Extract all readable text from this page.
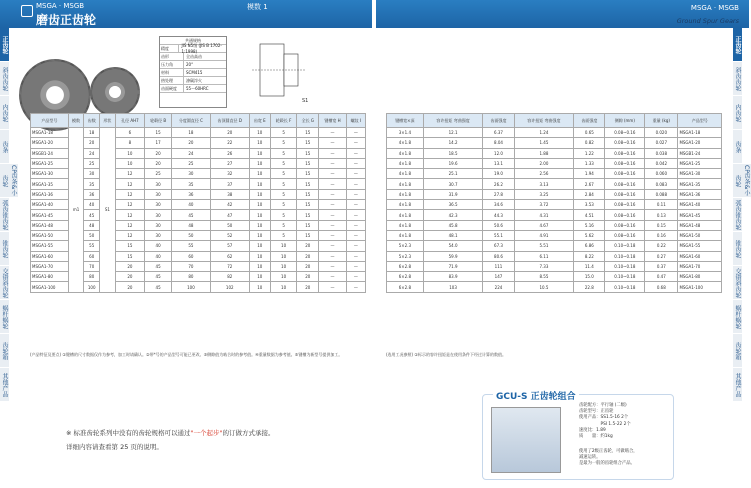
MSGA · MSGB
磨齿正齿轮
模数 1	MSGA · MSGB
Ground Spur Gears
正齿轮
斜齿齿轮
内齿轮
齿条
CP齿条&小齿轮
弧齿锥齿轮
锥齿轮
交错斜齿轮
蜗杆蜗轮
齿轮箱
其他产品
正齿轮
斜齿齿轮
内齿轮
齿条
CP齿条&小齿轮
弧齿锥齿轮
锥齿轮
交错斜齿轮
蜗杆蜗轮
齿轮箱
其他产品
共通规格
精度
JIS N5级 (JIS B 1702-1:1998)
齿形	全齿高齿
压力角	20°
材料	SCM415
热处理	渗碳淬火
齿面硬度	55～60HRC
S1
产品型号	模数	齿数	形状	孔径 AH7	轮毂径 B	分度圆直径 C	齿顶圆直径 D	齿宽 E	轮毂长 F	全长 G	键槽宽 H	螺纹 I
MSGA1-18	m1	18	S1	6	15	18	20	10	5	15	—	—
MSGA1-20		20		8	17	20	22	10	5	15	—	—
MSGB1-24		24		10	20	24	26	10	5	15	—	—
MSGA1-25		25		10	20	25	27	10	5	15	—	—
MSGA1-30		30		12	25	30	32	10	5	15	—	—
MSGA1-35		35		12	30	35	37	10	5	15	—	—
MSGA1-36		36		12	30	36	38	10	5	15	—	—
MSGA1-40		40		12	30	40	42	10	5	15	—	—
MSGA1-45		45		12	30	45	47	10	5	15	—	—
MSGA1-48		48		12	30	48	50	10	5	15	—	—
MSGA1-50		50		12	30	50	52	10	5	15	—	—
MSGA1-55		55		15	40	55	57	10	10	20	—	—
MSGA1-60		60		15	40	60	62	10	10	20	—	—
MSGA1-70		70		20	45	70	72	10	10	20	—	—
MSGA1-80		80		20	45	80	82	10	10	20	—	—
MSGA1-100		100		20	45	100	102	10	10	20	—	—
键槽宽×深	容许扭矩 弯曲强度	齿面强度	容许扭矩 弯曲强度	齿面强度	侧隙 (mm)	重量 (kg)	产品型号
3×1.4	12.1	6.37	1.24	0.65	0.08~0.16	0.020	MSGA1-18
4×1.8	14.2	8.04	1.45	0.82	0.08~0.16	0.027	MSGA1-20
4×1.8	18.5	12.0	1.88	1.22	0.08~0.16	0.038	MSGB1-24
4×1.8	19.6	13.1	2.00	1.33	0.08~0.16	0.042	MSGA1-25
4×1.8	25.1	19.0	2.56	1.94	0.08~0.16	0.060	MSGA1-30
4×1.8	30.7	26.2	3.13	2.67	0.08~0.16	0.083	MSGA1-35
4×1.8	31.9	27.8	3.25	2.84	0.08~0.16	0.088	MSGA1-36
4×1.8	36.5	34.6	3.72	3.53	0.08~0.16	0.11	MSGA1-40
4×1.8	42.3	44.3	4.31	4.51	0.08~0.16	0.13	MSGA1-45
4×1.8	45.8	50.6	4.67	5.16	0.08~0.16	0.15	MSGA1-48
4×1.8	48.1	55.1	4.91	5.62	0.08~0.16	0.16	MSGA1-50
5×2.3	54.0	67.3	5.51	6.86	0.10~0.18	0.22	MSGA1-55
5×2.3	59.9	80.6	6.11	8.22	0.10~0.18	0.27	MSGA1-60
6×2.8	71.9	111	7.33	11.4	0.10~0.18	0.37	MSGA1-70
6×2.8	83.9	147	8.55	15.0	0.10~0.18	0.47	MSGA1-80
6×2.8	103	224	10.5	22.8	0.10~0.18	0.68	MSGA1-100
(产品特征及要点) ①键槽的尺寸数据仅作为参考，加工时请确认。②带*号的产品型号可能已更改。③侧隙值为啮合时的参考值。④重量数据为参考值。⑤键槽为新型号提供加工。	(选用工况参照) ①标示的容许扭矩是在使用条件下经过计算的数值。
※ 标准齿轮系列中没有的齿轮规格可以通过"一个起步"的订做方式承接。
详细内容请查看第 25 页的说明。
GCU-S 正齿轮组合
齿轮配方：平行轴 (二级)
齿轮型号：正齿轮
使用产品：SS1.5-16 2个
　　　　　PSI 1.5-22 2个
速度比：1.89
质　　量：约1kg
使用了2级正齿轮、可做啮合，
减速运转。
是最为一般的齿轮组合产品。
